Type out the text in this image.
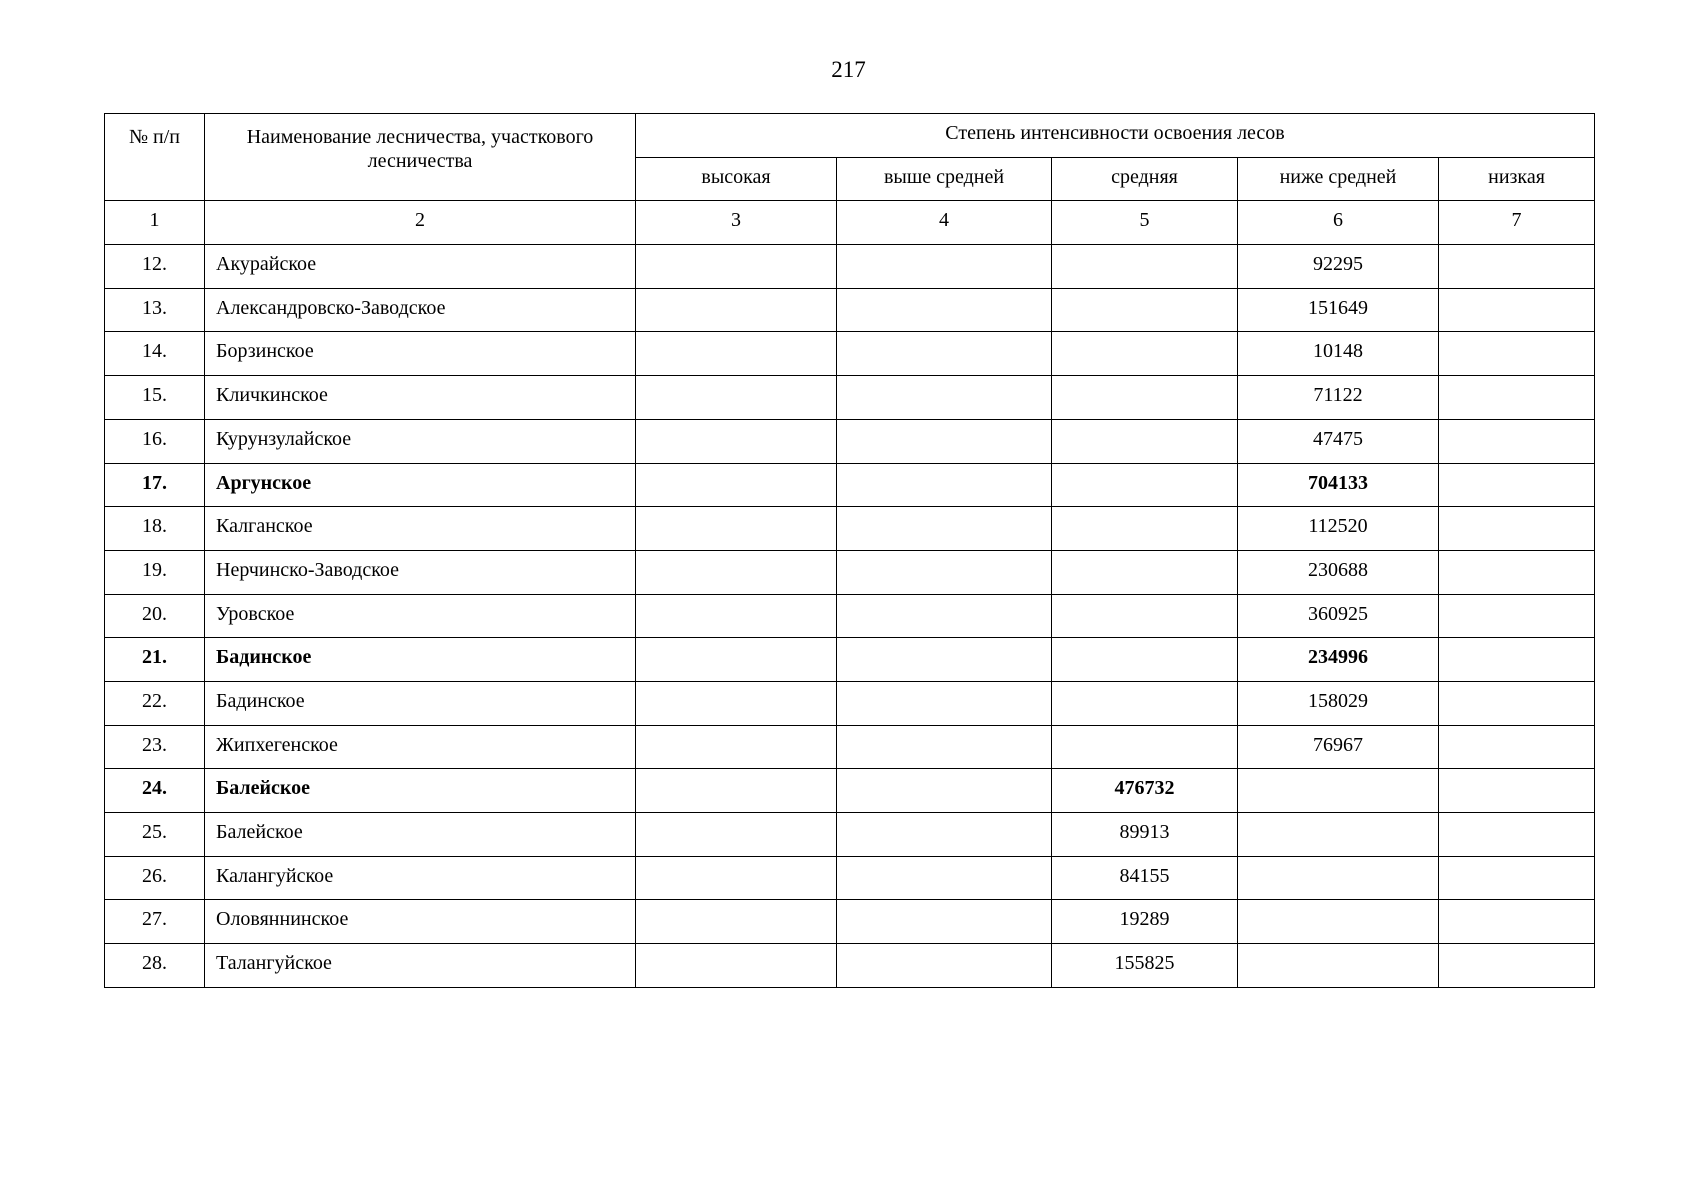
217
№ п/п	Наименование лесничества, участкового лесничества	Степень интенсивности освоения лесов				
		высокая	выше средней	средняя	ниже средней	низкая
1	2	3	4	5	6	7
12.	Акурайское				92295	
13.	Александровско-Заводское				151649	
14.	Борзинское				10148	
15.	Кличкинское				71122	
16.	Курунзулайское				47475	
17.	Аргунское				704133	
18.	Калганское				112520	
19.	Нерчинско-Заводское				230688	
20.	Уровское				360925	
21.	Бадинское				234996	
22.	Бадинское				158029	
23.	Жипхегенское				76967	
24.	Балейское			476732		
25.	Балейское			89913		
26.	Калангуйское			84155		
27.	Оловяннинское			19289		
28.	Талангуйское			155825		
